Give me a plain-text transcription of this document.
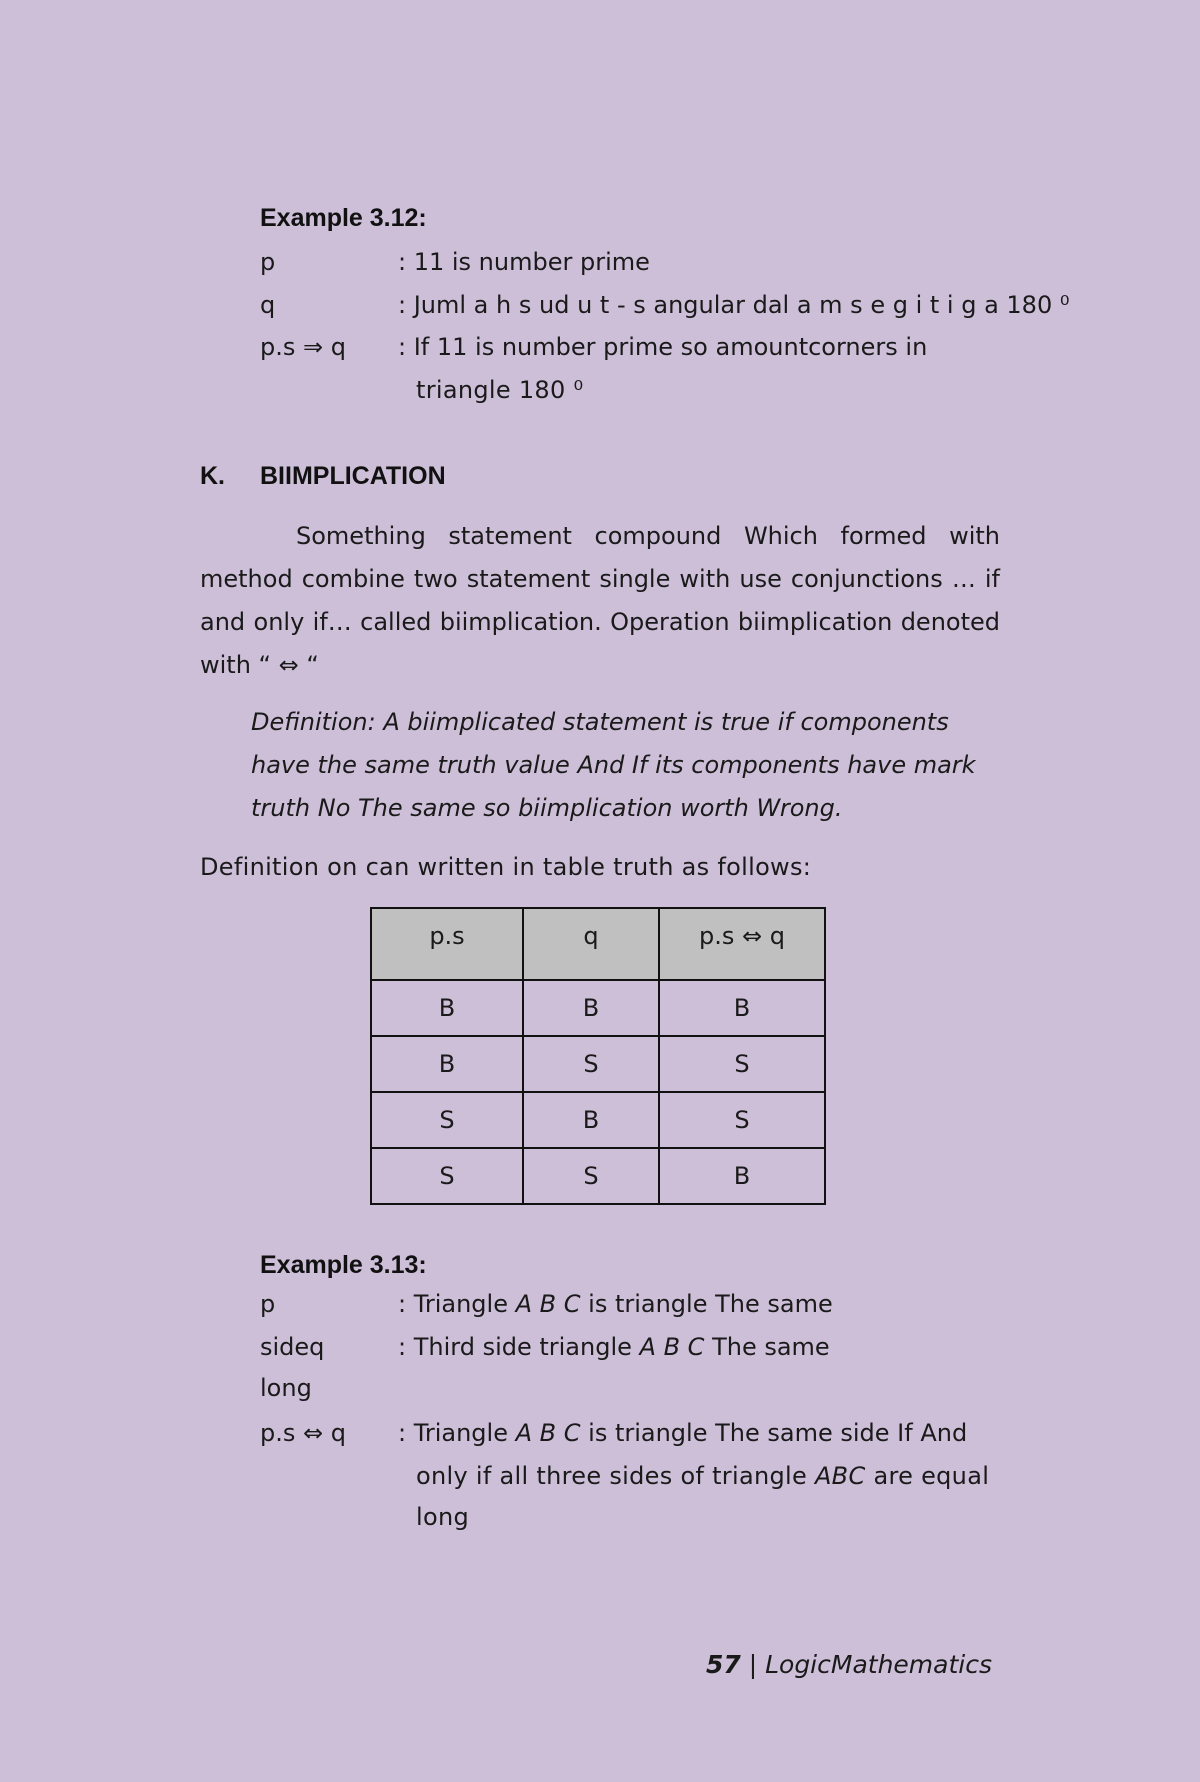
Example 3.12:
p	: 11 is number prime
q	: Juml a h s ud u t - s angular dal a m s e g i t i g a 180 ⁰
p.s ⇒ q : If 11 is number prime so amountcorners in
triangle 180 ⁰
K. BIIMPLICATION

Something statement compound Which formed with method combine two statement single with use conjunctions … if and only if… called biimplication. Operation biimplication denoted with “ ⇔ “

Definition: A biimplicated statement is true if components have the same truth value And If its components have mark truth No The same so biimplication worth Wrong.

Definition on can written in table truth as follows:
p.s	q	p.s ⇔ q
B	B	B
B	S	S
S	B	S
S	S	B
Example 3.13:
p	: Triangle A B C is triangle The same
sideq	: Third side triangle A B C The same
long
p.s ⇔ q : Triangle A B C is triangle The same side If And
only if all three sides of triangle ABC are equal
long
57 | LogicMathematics
